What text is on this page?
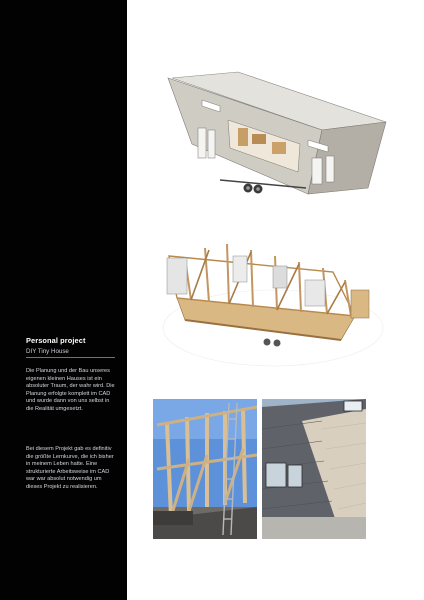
Personal project
DIY Tiny House
Die Planung und der Bau unseres eigenen kleinen Hauses ist ein absoluter Traum, der wahr wird. Die Planung erfolgte komplett im CAD und wurde dann von uns selbst in die Realität umgesetzt.
Bei diesem Projekt gab es definitiv die größte Lernkurve, die ich bisher in meinem Leben hatte. Eine strukturierte Arbeitsweise im CAD war war absolut notwendig um dieses Projekt zu realisieren.
